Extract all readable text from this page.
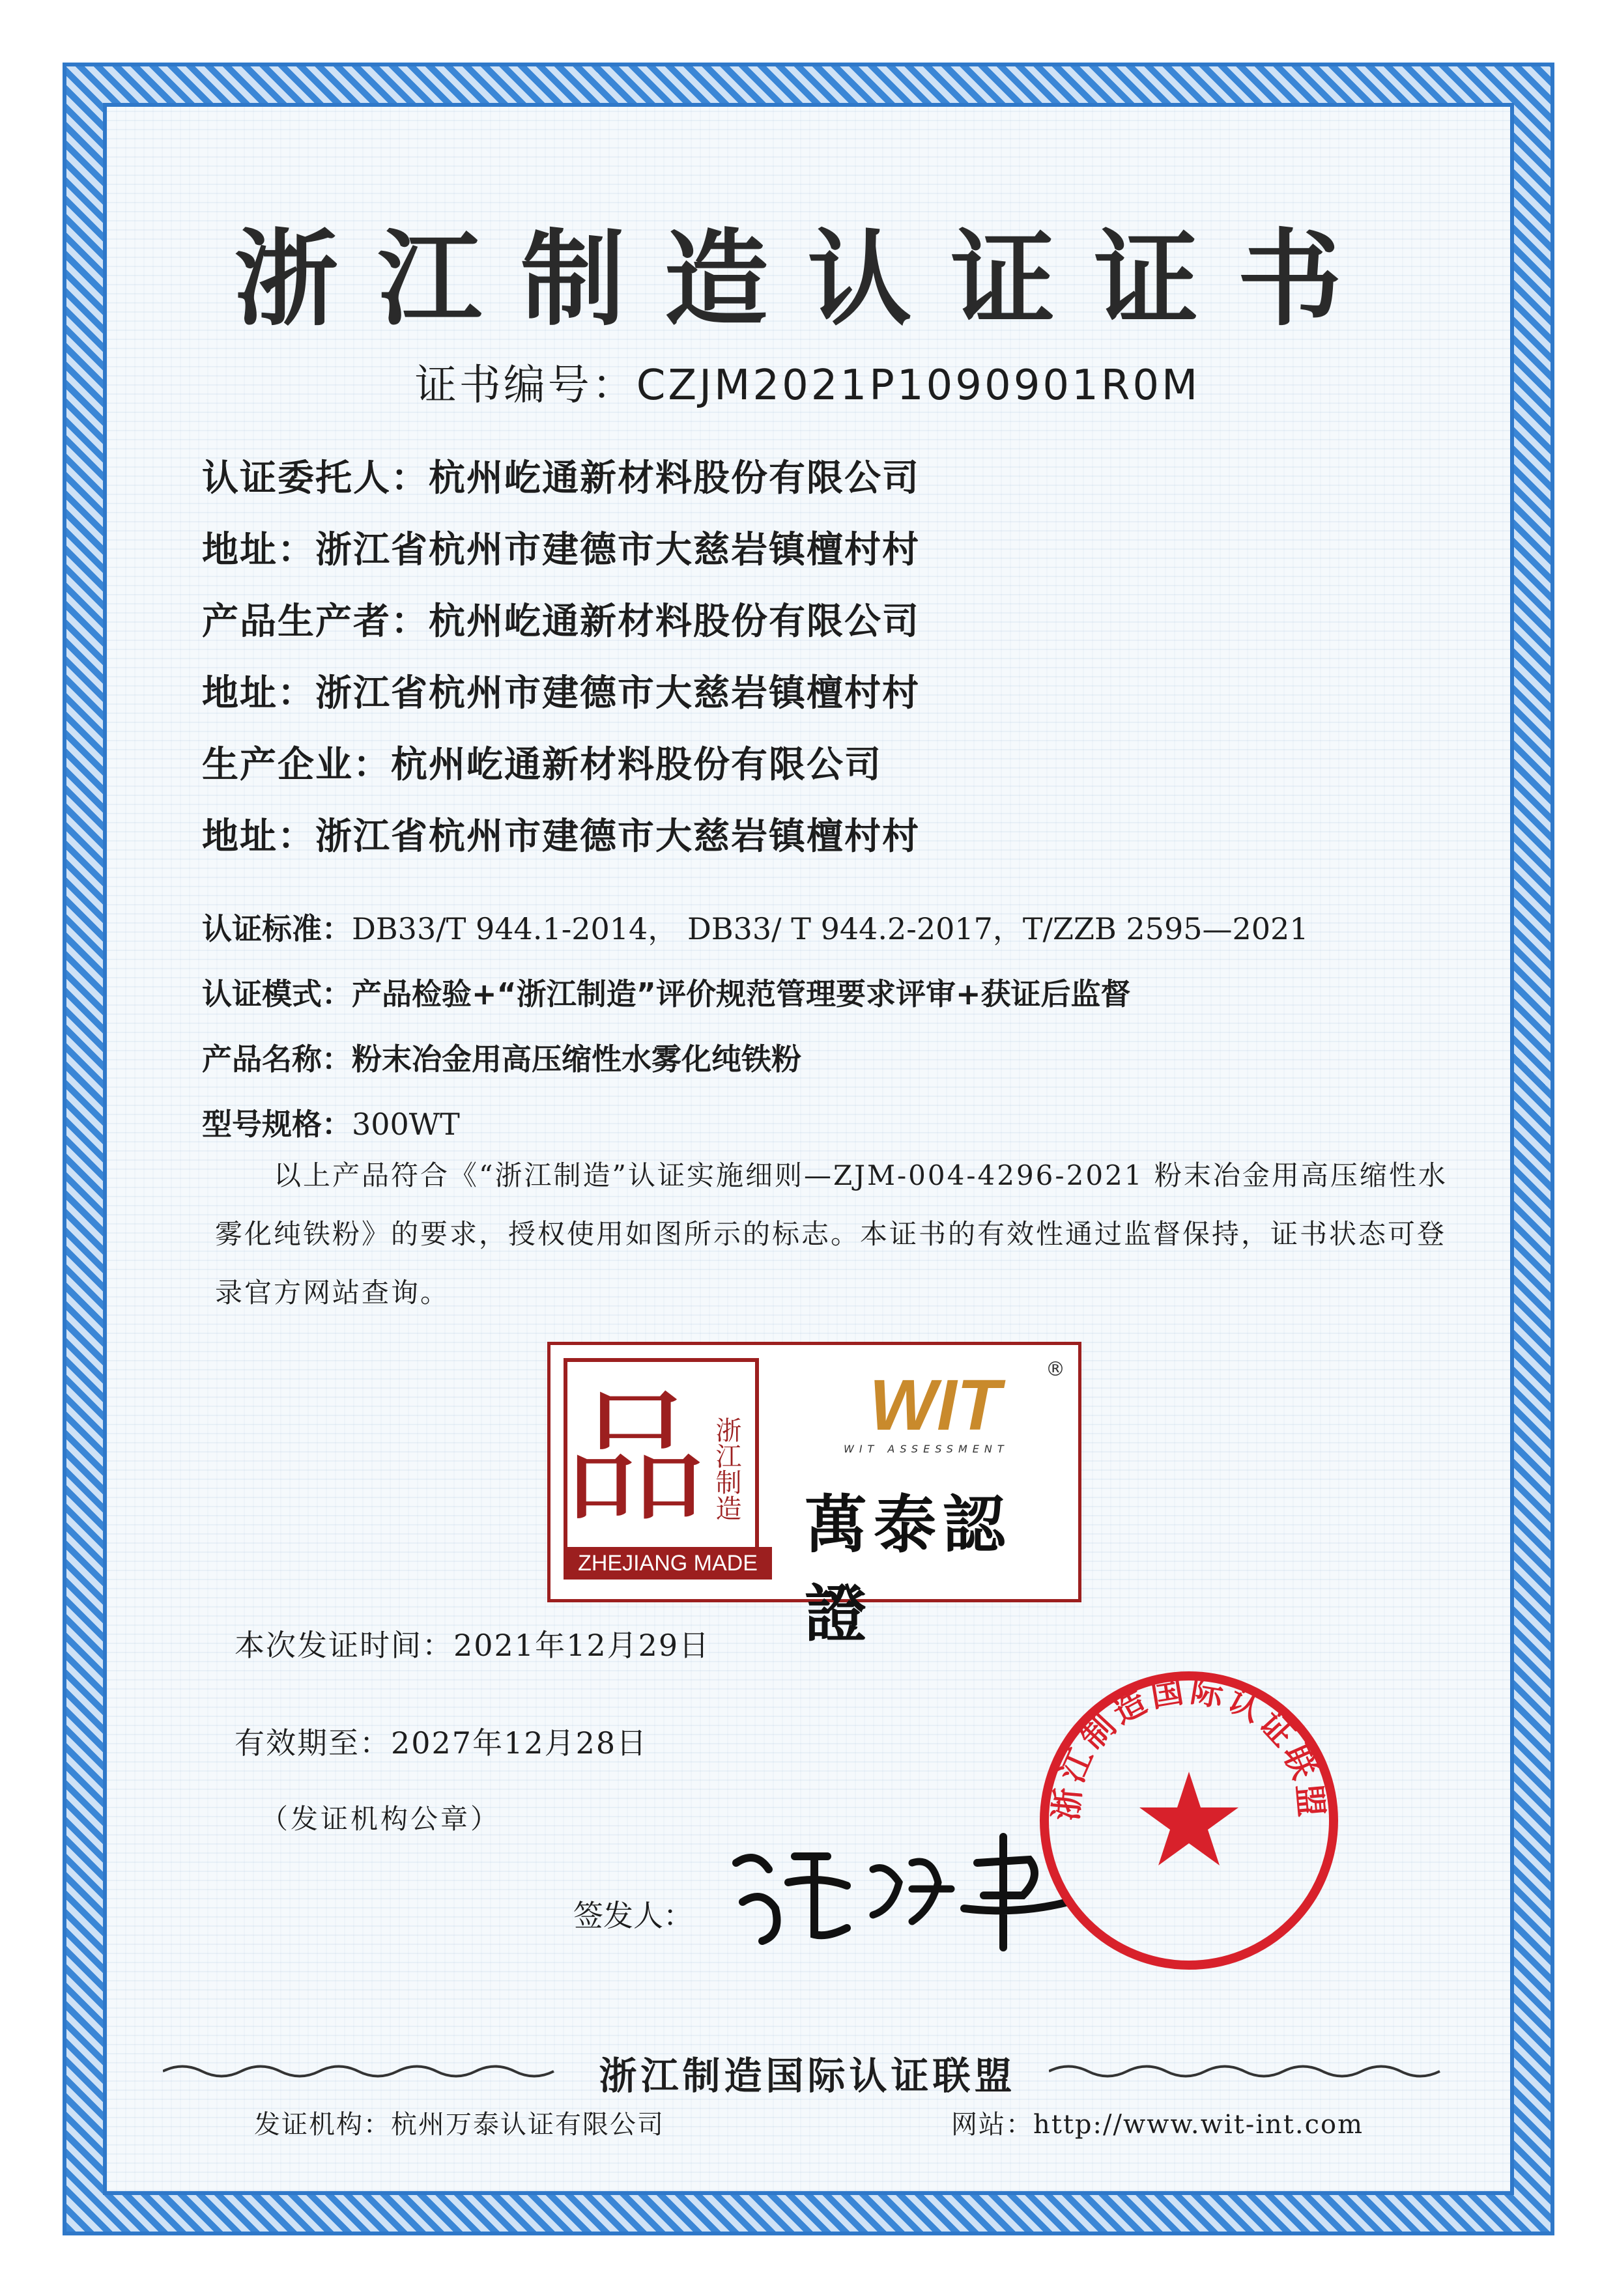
浙江制造认证证书
证书编号：CZJM2021P1090901R0M
认证委托人：杭州屹通新材料股份有限公司
地址：浙江省杭州市建德市大慈岩镇檀村村
产品生产者：杭州屹通新材料股份有限公司
地址：浙江省杭州市建德市大慈岩镇檀村村
生产企业：杭州屹通新材料股份有限公司
地址：浙江省杭州市建德市大慈岩镇檀村村
认证标准：DB33/T 944.1-2014， DB33/ T 944.2-2017，T/ZZB 2595—2021
认证模式：产品检验+“浙江制造”评价规范管理要求评审+获证后监督
产品名称：粉末冶金用高压缩性水雾化纯铁粉
型号规格：300WT
以上产品符合《“浙江制造”认证实施细则—ZJM-004-4296-2021 粉末冶金用高压缩性水雾化纯铁粉》的要求，授权使用如图所示的标志。本证书的有效性通过监督保持，证书状态可登录官方网站查询。
品 浙江制造
ZHEJIANG MADE
WIT
WIT ASSESSMENT
®
萬泰認證
本次发证时间：2021年12月29日
有效期至：2027年12月28日
（发证机构公章）
签发人：
浙江制造国际认证联盟
浙江制造国际认证联盟
发证机构：杭州万泰认证有限公司	网站：http://www.wit-int.com
